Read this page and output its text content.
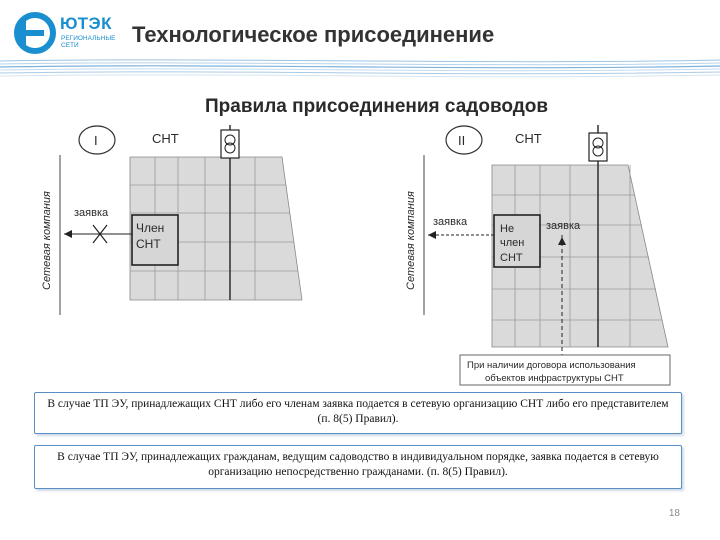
ЮТЭК
РЕГИОНАЛЬНЫЕ СЕТИ	Технологическое присоединение
Правила присоединения садоводов
I	СНТ
Сетевая компания	Член
СНТ
заявка
II	СНТ
Сетевая компания	Не
член
СНТ
заявка	заявка
При наличии договора использования
объектов инфраструктуры СНТ
В случае ТП ЭУ, принадлежащих СНТ либо его членам заявка подается в сетевую организацию СНТ либо его представителем (п. 8(5) Правил).
В случае ТП ЭУ, принадлежащих гражданам, ведущим садоводство в индивидуальном порядке, заявка подается в сетевую организацию непосредственно гражданами. (п. 8(5) Правил).
18
